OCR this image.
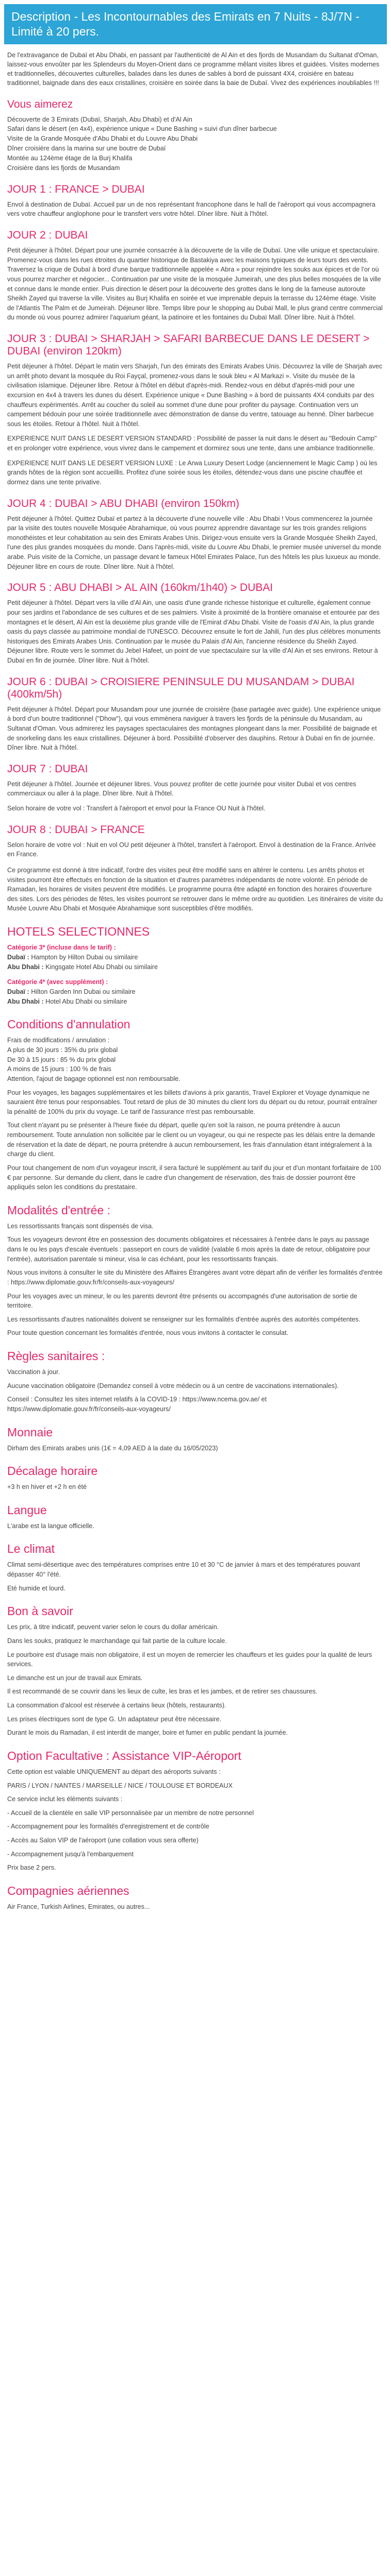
Description - Les Incontournables des Emirats en 7 Nuits - 8J/7N -
Limité à 20 pers.
De l'extravagance de Dubaï et Abu Dhabi, en passant par l'authenticité de Al Ain et des fjords de Musandam du Sultanat d'Oman, laissez-vous envoûter par les Splendeurs du Moyen-Orient dans ce programme mêlant visites libres et guidées. Visites modernes et traditionnelles, découvertes culturelles, balades dans les dunes de sables à bord de puissant 4X4, croisière en bateau traditionnel, baignade dans des eaux cristallines, croisière en soirée dans la baie de Dubaï. Vivez des expériences inoubliables !!!
Vous aimerez
Découverte de 3 Emirats (Dubaï, Sharjah, Abu Dhabi) et d'Al Ain
Safari dans le désert (en 4x4), expérience unique « Dune Bashing » suivi d'un dîner barbecue
Visite de la Grande Mosquée d'Abu Dhabi et du Louvre Abu Dhabi
Dîner croisière dans la marina sur une boutre de Dubaï
Montée au 124ème étage de la Burj Khalifa
Croisière dans les fjords de Musandam
JOUR 1 : FRANCE > DUBAI
Envol à destination de Dubaï. Accueil par un de nos représentant francophone dans le hall de l'aéroport qui vous accompagnera vers votre chauffeur anglophone pour le transfert vers votre hôtel. Dîner libre. Nuit à l'hôtel.
JOUR 2 : DUBAI
Petit déjeuner à l'hôtel. Départ pour une journée consacrée à la découverte de la ville de Dubaï. Une ville unique et spectaculaire. Promenez-vous dans les rues étroites du quartier historique de Bastakiya avec les maisons typiques de leurs tours des vents. Traversez la crique de Dubaï à bord d'une barque traditionnelle appelée « Abra » pour rejoindre les souks aux épices et de l'or où vous pourrez marcher et négocier... Continuation par une visite de la mosquée Jumeirah, une des plus belles mosquées de la ville et connue dans le monde entier. Puis direction le désert pour la découverte des grottes dans le long de la fameuse autoroute Sheikh Zayed qui traverse la ville. Visites au Burj Khalifa en soirée et vue imprenable depuis la terrasse du 124ème étage. Visite de l'Atlantis The Palm et de Jumeirah. Déjeuner libre. Temps libre pour le shopping au Dubaï Mall, le plus grand centre commercial du monde où vous pourrez admirer l'aquarium géant, la patinoire et les fontaines du Dubaï Mall. Dîner libre. Nuit à l'hôtel.
JOUR 3 : DUBAI > SHARJAH > SAFARI BARBECUE DANS LE DESERT > DUBAI (environ 120km)
Petit déjeuner à l'hôtel. Départ le matin vers Sharjah, l'un des émirats des Emirats Arabes Unis. Découvrez la ville de Sharjah avec un arrêt photo devant la mosquée du Roi Fayçal, promenez-vous dans le souk bleu « Al Markazi ». Visite du musée de la civilisation islamique. Déjeuner libre. Retour à l'hôtel en début d'après-midi. Rendez-vous en début d'après-midi pour une excursion en 4x4 à travers les dunes du désert. Expérience unique « Dune Bashing » à bord de puissants 4X4 conduits par des chauffeurs expérimentés. Arrêt au coucher du soleil au sommet d'une dune pour profiter du paysage. Continuation vers un campement bédouin pour une soirée traditionnelle avec démonstration de danse du ventre, tatouage au henné. Dîner barbecue sous les étoiles. Retour à l'hôtel. Nuit à l'hôtel.
EXPERIENCE NUIT DANS LE DESERT VERSION STANDARD : Possibilité de passer la nuit dans le désert au "Bedouin Camp" et en prolonger votre expérience, vous vivrez dans le campement et dormirez sous une tente, dans une ambiance traditionnelle.
EXPERIENCE NUIT DANS LE DESERT VERSION LUXE : Le Arwa Luxury Desert Lodge (anciennement le Magic Camp ) où les grands hôtes de la région sont accueillis. Profitez d'une soirée sous les étoiles, détendez-vous dans une piscine chauffée et dormez dans une tente privative.
JOUR 4 : DUBAI > ABU DHABI (environ 150km)
Petit déjeuner à l'hôtel. Quittez Dubaï et partez à la découverte d'une nouvelle ville : Abu Dhabi ! Vous commencerez la journée par la visite des toutes nouvelle Mosquée Abrahamique, où vous pourrez apprendre davantage sur les trois grandes religions monothéistes et leur cohabitation au sein des Emirats Arabes Unis. Dirigez-vous ensuite vers la Grande Mosquée Sheikh Zayed, l'une des plus grandes mosquées du monde. Dans l'après-midi, visite du Louvre Abu Dhabi, le premier musée universel du monde arabe. Puis visite de la Corniche, un passage devant le fameux Hôtel Emirates Palace, l'un des hôtels les plus luxueux au monde. Déjeuner libre en cours de route. Dîner libre. Nuit à l'hôtel.
JOUR 5 : ABU DHABI > AL AIN (160km/1h40) > DUBAI
Petit déjeuner à l'hôtel. Départ vers la ville d'Al Ain, une oasis d'une grande richesse historique et culturelle, également connue pour ses jardins et l'abondance de ses cultures et de ses palmiers. Visite à proximité de la frontière omanaise et entourée par des montagnes et le désert, Al Ain est la deuxième plus grande ville de l'Emirat d'Abu Dhabi. Visite de l'oasis d'Al Ain, la plus grande oasis du pays classée au patrimoine mondial de l'UNESCO. Découvrez ensuite le fort de Jahili, l'un des plus célèbres monuments historiques des Emirats Arabes Unis. Continuation par le musée du Palais d'Al Ain, l'ancienne résidence du Sheikh Zayed. Déjeuner libre. Route vers le sommet du Jebel Hafeet, un point de vue spectaculaire sur la ville d'Al Ain et ses environs. Retour à Dubaï en fin de journée. Dîner libre. Nuit à l'hôtel.
JOUR 6 : DUBAI > CROISIERE PENINSULE DU MUSANDAM > DUBAI (400km/5h)
Petit déjeuner à l'hôtel. Départ pour Musandam pour une journée de croisière (base partagée avec guide). Une expérience unique à bord d'un boutre traditionnel ("Dhow"), qui vous emmènera naviguer à travers les fjords de la péninsule du Musandam, au Sultanat d'Oman. Vous admirerez les paysages spectaculaires des montagnes plongeant dans la mer. Possibilité de baignade et de snorkeling dans les eaux cristallines. Déjeuner à bord. Possibilité d'observer des dauphins. Retour à Dubaï en fin de journée. Dîner libre. Nuit à l'hôtel.
JOUR 7 : DUBAI
Petit déjeuner à l'hôtel. Journée et déjeuner libres. Vous pouvez profiter de cette journée pour visiter Dubaï et vos centres commerciaux ou aller à la plage. Dîner libre. Nuit à l'hôtel.
Selon horaire de votre vol : Transfert à l'aéroport et envol pour la France OU Nuit à l'hôtel.
JOUR 8 : DUBAI > FRANCE
Selon horaire de votre vol : Nuit en vol OU petit déjeuner à l'hôtel, transfert à l'aéroport. Envol à destination de la France. Arrivée en France.
Ce programme est donné à titre indicatif, l'ordre des visites peut être modifié sans en altérer le contenu. Les arrêts photos et visites pourront être effectués en fonction de la situation et d'autres paramètres indépendants de notre volonté. En période de Ramadan, les horaires de visites peuvent être modifiés. Le programme pourra être adapté en fonction des horaires d'ouverture des sites. Lors des périodes de fêtes, les visites pourront se retrouver dans le même ordre au quotidien. Les itinéraires de visite du Musée Louvre Abu Dhabi et Mosquée Abrahamique sont susceptibles d'être modifiés.
HOTELS SELECTIONNES
Catégorie 3* (incluse dans le tarif) :
Dubaï : Hampton by Hilton Dubai ou similaire
Abu Dhabi : Kingsgate Hotel Abu Dhabi ou similaire
Catégorie 4* (avec supplément) :
Dubaï : Hilton Garden Inn Dubai ou similaire
Abu Dhabi : Hotel Abu Dhabi ou similaire
Conditions d'annulation
Frais de modifications / annulation :
A plus de 30 jours : 35% du prix global
De 30 à 15 jours : 85 % du prix global
A moins de 15 jours : 100 % de frais
Attention, l'ajout de bagage optionnel est non remboursable.
Pour les voyages, les bagages supplémentaires et les billets d'avions à prix garantis, Travel Explorer et Voyage dynamique ne sauraient être tenus pour responsables. Tout retard de plus de 30 minutes du client lors du départ ou du retour, pourrait entraîner la pénalité de 100% du prix du voyage. Le tarif de l'assurance n'est pas remboursable.
Tout client n'ayant pu se présenter à l'heure fixée du départ, quelle qu'en soit la raison, ne pourra prétendre à aucun remboursement. Toute annulation non sollicitée par le client ou un voyageur, ou qui ne respecte pas les délais entre la demande de réservation et la date de départ, ne pourra prétendre à aucun remboursement, les frais d'annulation étant intégralement à la charge du client.
Pour tout changement de nom d'un voyageur inscrit, il sera facturé le supplément au tarif du jour et d'un montant forfaitaire de 100 € par personne. Sur demande du client, dans le cadre d'un changement de réservation, des frais de dossier pourront être appliqués selon les conditions du prestataire.
Modalités d'entrée :
Les ressortissants français sont dispensés de visa.
Tous les voyageurs devront être en possession des documents obligatoires et nécessaires à l'entrée dans le pays au passage dans le ou les pays d'escale éventuels : passeport en cours de validité (valable 6 mois après la date de retour, obligatoire pour l'entrée), autorisation parentale si mineur, visa le cas échéant, pour les ressortissants français.
Nous vous invitons à consulter le site du Ministère des Affaires Étrangères avant votre départ afin de vérifier les formalités d'entrée : https://www.diplomatie.gouv.fr/fr/conseils-aux-voyageurs/
Pour les voyages avec un mineur, le ou les parents devront être présents ou accompagnés d'une autorisation de sortie de territoire.
Les ressortissants d'autres nationalités doivent se renseigner sur les formalités d'entrée auprès des autorités compétentes.
Pour toute question concernant les formalités d'entrée, nous vous invitons à contacter le consulat.
Règles sanitaires :
Vaccination à jour.
Aucune vaccination obligatoire (Demandez conseil à votre médecin ou à un centre de vaccinations internationales).
Conseil : Consultez les sites internet relatifs à la COVID-19 : https://www.ncema.gov.ae/ et https://www.diplomatie.gouv.fr/fr/conseils-aux-voyageurs/
Monnaie
Dirham des Emirats arabes unis (1€ = 4,09 AED à la date du 16/05/2023)
Décalage horaire
+3 h en hiver et +2 h en été
Langue
L'arabe est la langue officielle.
Le climat
Climat semi-désertique avec des températures comprises entre 10 et 30 °C de janvier à mars et des températures pouvant dépasser 40° l'été.
Eté humide et lourd.
Bon à savoir
Les prix, à titre indicatif, peuvent varier selon le cours du dollar américain.
Dans les souks, pratiquez le marchandage qui fait partie de la culture locale.
Le pourboire est d'usage mais non obligatoire, il est un moyen de remercier les chauffeurs et les guides pour la qualité de leurs services.
Le dimanche est un jour de travail aux Emirats.
Il est recommandé de se couvrir dans les lieux de culte, les bras et les jambes, et de retirer ses chaussures.
La consommation d'alcool est réservée à certains lieux (hôtels, restaurants).
Les prises électriques sont de type G. Un adaptateur peut être nécessaire.
Durant le mois du Ramadan, il est interdit de manger, boire et fumer en public pendant la journée.
Option Facultative : Assistance VIP-Aéroport
Cette option est valable UNIQUEMENT au départ des aéroports suivants :
PARIS / LYON / NANTES / MARSEILLE / NICE / TOULOUSE ET BORDEAUX
Ce service inclut les éléments suivants :
- Accueil de la clientèle en salle VIP personnalisée par un membre de notre personnel
- Accompagnement pour les formalités d'enregistrement et de contrôle
- Accès au Salon VIP de l'aéroport (une collation vous sera offerte)
- Accompagnement jusqu'à l'embarquement
Prix base 2 pers.
Compagnies aériennes
Air France, Turkish Airlines, Emirates, ou autres...
